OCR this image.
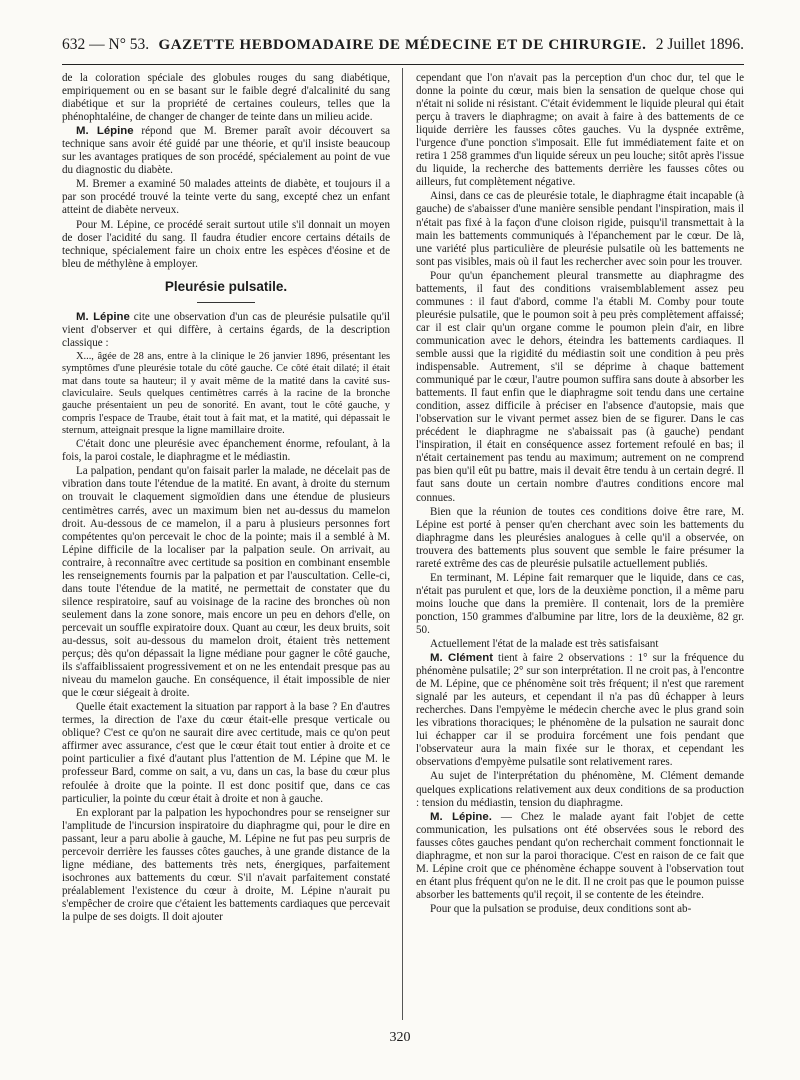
632 — N° 53. GAZETTE HEBDOMADAIRE DE MÉDECINE ET DE CHIRURGIE. 2 Juillet 1896.

de la coloration spéciale des globules rouges du sang diabétique, empiriquement ou en se basant sur le faible degré d'alcalinité du sang diabétique et sur la propriété de certaines couleurs, telles que la phénophtaléine, de changer de changer de teinte dans un milieu acide.

M. Lépine répond que M. Bremer paraît avoir découvert sa technique sans avoir été guidé par une théorie, et qu'il insiste beaucoup sur les avantages pratiques de son procédé, spécialement au point de vue du diagnostic du diabète.

M. Bremer a examiné 50 malades atteints de diabète, et toujours il a par son procédé trouvé la teinte verte du sang, excepté chez un enfant atteint de diabète nerveux.

Pour M. Lépine, ce procédé serait surtout utile s'il donnait un moyen de doser l'acidité du sang. Il faudra étudier encore certains détails de technique, spécialement faire un choix entre les espèces d'éosine et de bleu de méthylène à employer.

Pleurésie pulsatile.

M. Lépine cite une observation d'un cas de pleurésie pulsatile qu'il vient d'observer et qui diffère, à certains égards, de la description classique :

X..., âgée de 28 ans, entre à la clinique le 26 janvier 1896, présentant les symptômes d'une pleurésie totale du côté gauche. Ce côté était dilaté; il était mat dans toute sa hauteur; il y avait même de la matité dans la cavité sus-claviculaire. Seuls quelques centimètres carrés à la racine de la bronche gauche présentaient un peu de sonorité. En avant, tout le côté gauche, y compris l'espace de Traube, était tout à fait mat, et la matité, qui dépassait le sternum, atteignait presque la ligne mamillaire droite.

C'était donc une pleurésie avec épanchement énorme, refoulant, à la fois, la paroi costale, le diaphragme et le médiastin.

La palpation, pendant qu'on faisait parler la malade, ne décelait pas de vibration dans toute l'étendue de la matité. En avant, à droite du sternum on trouvait le claquement sigmoïdien dans une étendue de plusieurs centimètres carrés, avec un maximum bien net au-dessus du mamelon droit. Au-dessous de ce mamelon, il a paru à plusieurs personnes fort compétentes qu'on percevait le choc de la pointe; mais il a semblé à M. Lépine difficile de la localiser par la palpation seule. On arrivait, au contraire, à reconnaître avec certitude sa position en combinant ensemble les renseignements fournis par la palpation et par l'auscultation. Celle-ci, dans toute l'étendue de la matité, ne permettait de constater que du silence respiratoire, sauf au voisinage de la racine des bronches où non seulement dans la zone sonore, mais encore un peu en dehors d'elle, on percevait un souffle expiratoire doux. Quant au cœur, les deux bruits, soit au-dessus, soit au-dessous du mamelon droit, étaient très nettement perçus; dès qu'on dépassait la ligne médiane pour gagner le côté gauche, ils s'affaiblissaient progressivement et on ne les entendait presque pas au niveau du mamelon gauche. En conséquence, il était impossible de nier que le cœur siégeait à droite.

Quelle était exactement la situation par rapport à la base ? En d'autres termes, la direction de l'axe du cœur était-elle presque verticale ou oblique? C'est ce qu'on ne saurait dire avec certitude, mais ce qu'on peut affirmer avec assurance, c'est que le cœur était tout entier à droite et ce point particulier a fixé d'autant plus l'attention de M. Lépine que M. le professeur Bard, comme on sait, a vu, dans un cas, la base du cœur plus refoulée à droite que la pointe. Il est donc positif que, dans ce cas particulier, la pointe du cœur était à droite et non à gauche.

En explorant par la palpation les hypochondres pour se renseigner sur l'amplitude de l'incursion inspiratoire du diaphragme qui, pour le dire en passant, leur a paru abolie à gauche, M. Lépine ne fut pas peu surpris de percevoir derrière les fausses côtes gauches, à une grande distance de la ligne médiane, des battements très nets, énergiques, parfaitement isochrones aux battements du cœur. S'il n'avait parfaitement constaté préalablement l'existence du cœur à droite, M. Lépine n'aurait pu s'empêcher de croire que c'étaient les battements cardiaques que percevait la pulpe de ses doigts. Il doit ajouter

cependant que l'on n'avait pas la perception d'un choc dur, tel que le donne la pointe du cœur, mais bien la sensation de quelque chose qui n'était ni solide ni résistant. C'était évidemment le liquide pleural qui était perçu à travers le diaphragme; on avait à faire à des battements de ce liquide derrière les fausses côtes gauches. Vu la dyspnée extrême, l'urgence d'une ponction s'imposait. Elle fut immédiatement faite et on retira 1 258 grammes d'un liquide séreux un peu louche; sitôt après l'issue du liquide, la recherche des battements derrière les fausses côtes ou ailleurs, fut complètement négative.

Ainsi, dans ce cas de pleurésie totale, le diaphragme était incapable (à gauche) de s'abaisser d'une manière sensible pendant l'inspiration, mais il n'était pas fixé à la façon d'une cloison rigide, puisqu'il transmettait à la main les battements communiqués à l'épanchement par le cœur. De là, une variété plus particulière de pleurésie pulsatile où les battements ne sont pas visibles, mais où il faut les rechercher avec soin pour les trouver.

Pour qu'un épanchement pleural transmette au diaphragme des battements, il faut des conditions vraisemblablement assez peu communes : il faut d'abord, comme l'a établi M. Comby pour toute pleurésie pulsatile, que le poumon soit à peu près complètement affaissé; car il est clair qu'un organe comme le poumon plein d'air, en libre communication avec le dehors, éteindra les battements cardiaques. Il semble aussi que la rigidité du médiastin soit une condition à peu près indispensable. Autrement, s'il se déprime à chaque battement communiqué par le cœur, l'autre poumon suffira sans doute à absorber les battements. Il faut enfin que le diaphragme soit tendu dans une certaine condition, assez difficile à préciser en l'absence d'autopsie, mais que l'observation sur le vivant permet assez bien de se figurer. Dans le cas précédent le diaphragme ne s'abaissait pas (à gauche) pendant l'inspiration, il était en conséquence assez fortement refoulé en bas; il n'était certainement pas tendu au maximum; autrement on ne comprend pas bien qu'il eût pu battre, mais il devait être tendu à un certain degré. Il faut sans doute un certain nombre d'autres conditions encore mal connues.

Bien que la réunion de toutes ces conditions doive être rare, M. Lépine est porté à penser qu'en cherchant avec soin les battements du diaphragme dans les pleurésies analogues à celle qu'il a observée, on trouvera des battements plus souvent que semble le faire présumer la rareté extrême des cas de pleurésie pulsatile actuellement publiés.

En terminant, M. Lépine fait remarquer que le liquide, dans ce cas, n'était pas purulent et que, lors de la deuxième ponction, il a même paru moins louche que dans la première. Il contenait, lors de la première ponction, 150 grammes d'albumine par litre, lors de la deuxième, 82 gr. 50.

Actuellement l'état de la malade est très satisfaisant

M. Clément tient à faire 2 observations : 1° sur la fréquence du phénomène pulsatile; 2° sur son interprétation. Il ne croit pas, à l'encontre de M. Lépine, que ce phénomène soit très fréquent; il n'est que rarement signalé par les auteurs, et cependant il n'a pas dû échapper à leurs recherches. Dans l'empyème le médecin cherche avec le plus grand soin les vibrations thoraciques; le phénomène de la pulsation ne saurait donc lui échapper car il se produira forcément une fois pendant que l'observateur aura la main fixée sur le thorax, et cependant les observations d'empyème pulsatile sont relativement rares.

Au sujet de l'interprétation du phénomène, M. Clément demande quelques explications relativement aux deux conditions de sa production : tension du médiastin, tension du diaphragme.

M. Lépine. — Chez le malade ayant fait l'objet de cette communication, les pulsations ont été observées sous le rebord des fausses côtes gauches pendant qu'on recherchait comment fonctionnait le diaphragme, et non sur la paroi thoracique. C'est en raison de ce fait que M. Lépine croit que ce phénomène échappe souvent à l'observation tout en étant plus fréquent qu'on ne le dit. Il ne croit pas que le poumon puisse absorber les battements qu'il reçoit, il se contente de les éteindre.

Pour que la pulsation se produise, deux conditions sont ab-

320
